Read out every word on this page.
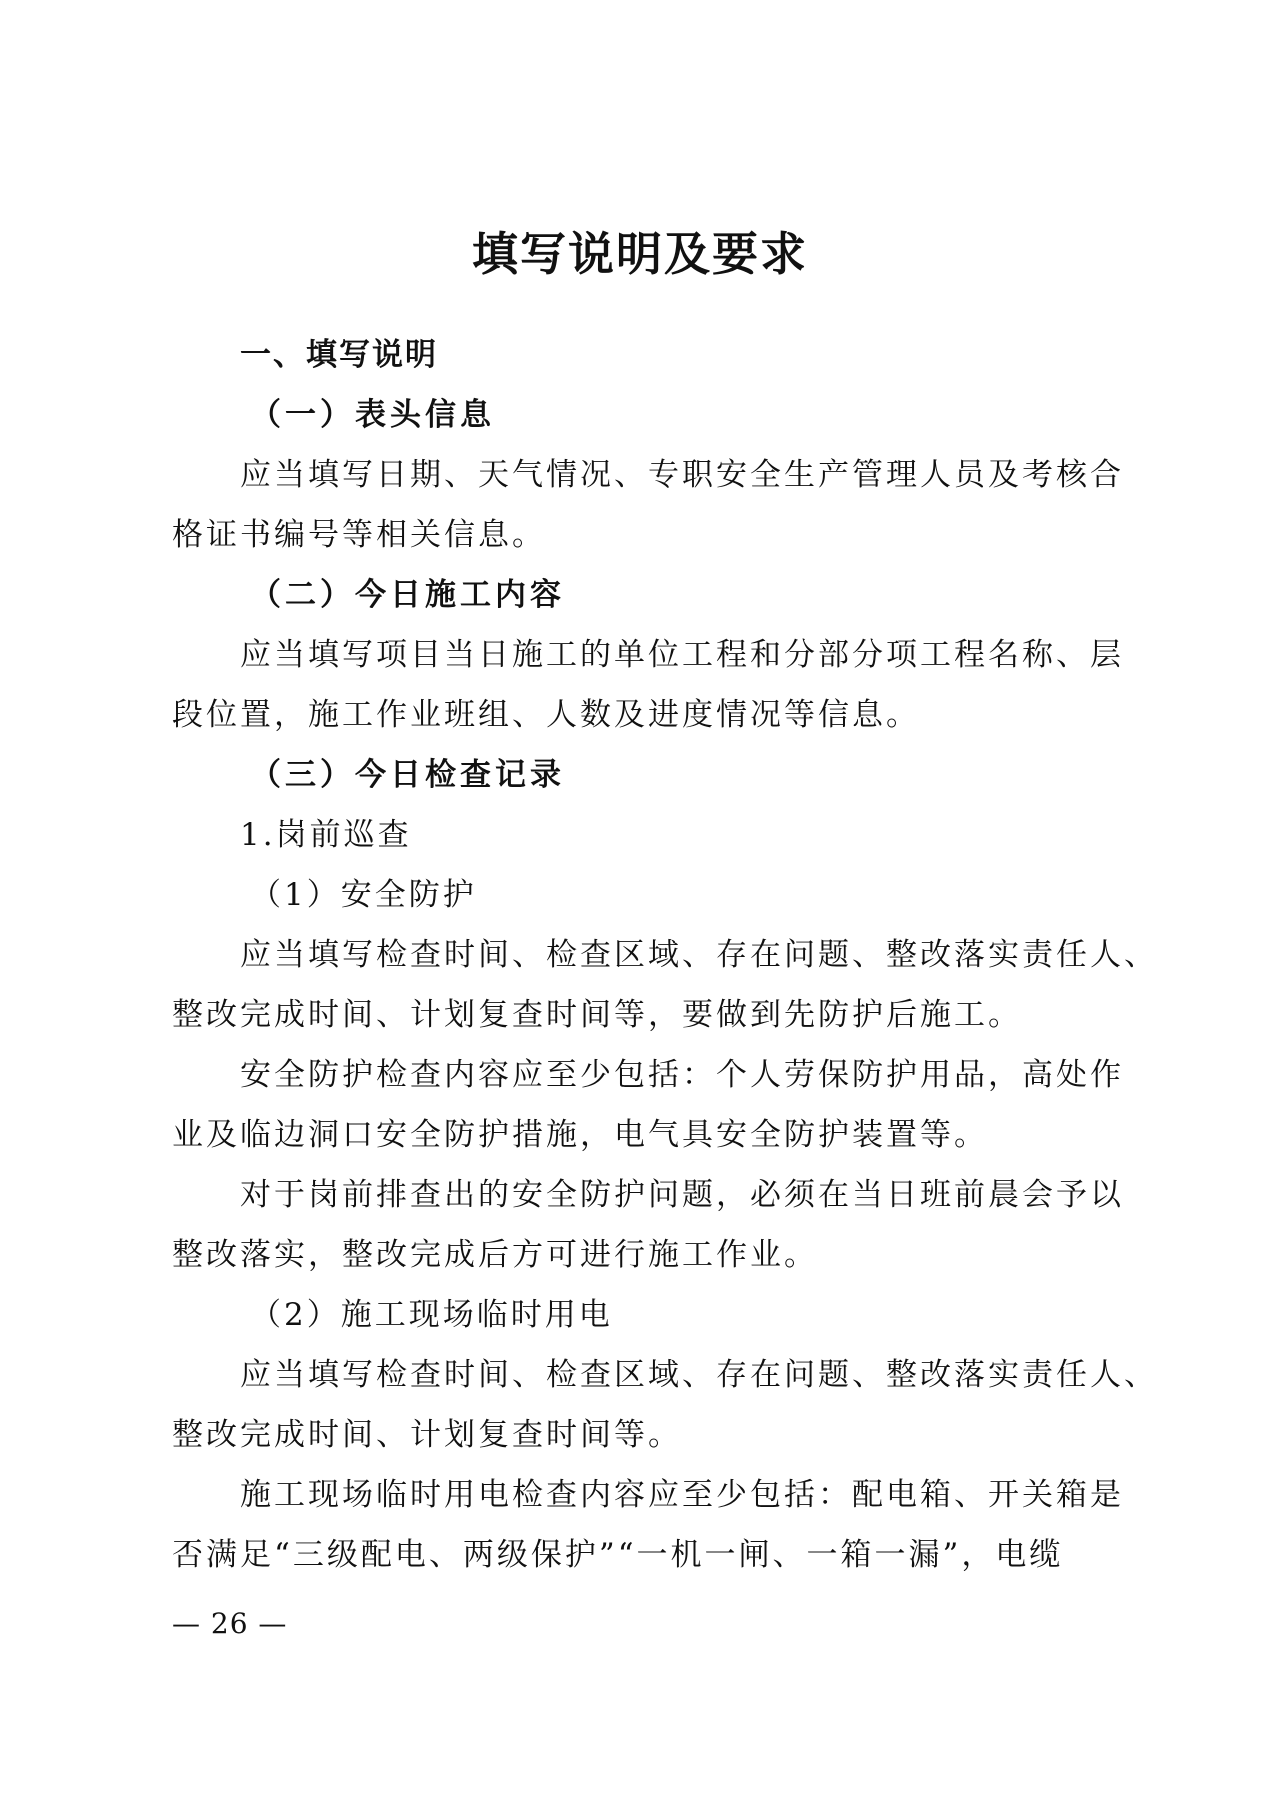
填写说明及要求
一、填写说明
（一）表头信息
应当填写日期、天气情况、专职安全生产管理人员及考核合
格证书编号等相关信息。
（二）今日施工内容
应当填写项目当日施工的单位工程和分部分项工程名称、层
段位置，施工作业班组、人数及进度情况等信息。
（三）今日检查记录
1.岗前巡查
（1）安全防护
应当填写检查时间、检查区域、存在问题、整改落实责任人、
整改完成时间、计划复查时间等，要做到先防护后施工。
安全防护检查内容应至少包括：个人劳保防护用品，高处作
业及临边洞口安全防护措施，电气具安全防护装置等。
对于岗前排查出的安全防护问题，必须在当日班前晨会予以
整改落实，整改完成后方可进行施工作业。
（2）施工现场临时用电
应当填写检查时间、检查区域、存在问题、整改落实责任人、
整改完成时间、计划复查时间等。
施工现场临时用电检查内容应至少包括：配电箱、开关箱是
否满足“三级配电、两级保护”“一机一闸、一箱一漏”，电缆
— 26 —
